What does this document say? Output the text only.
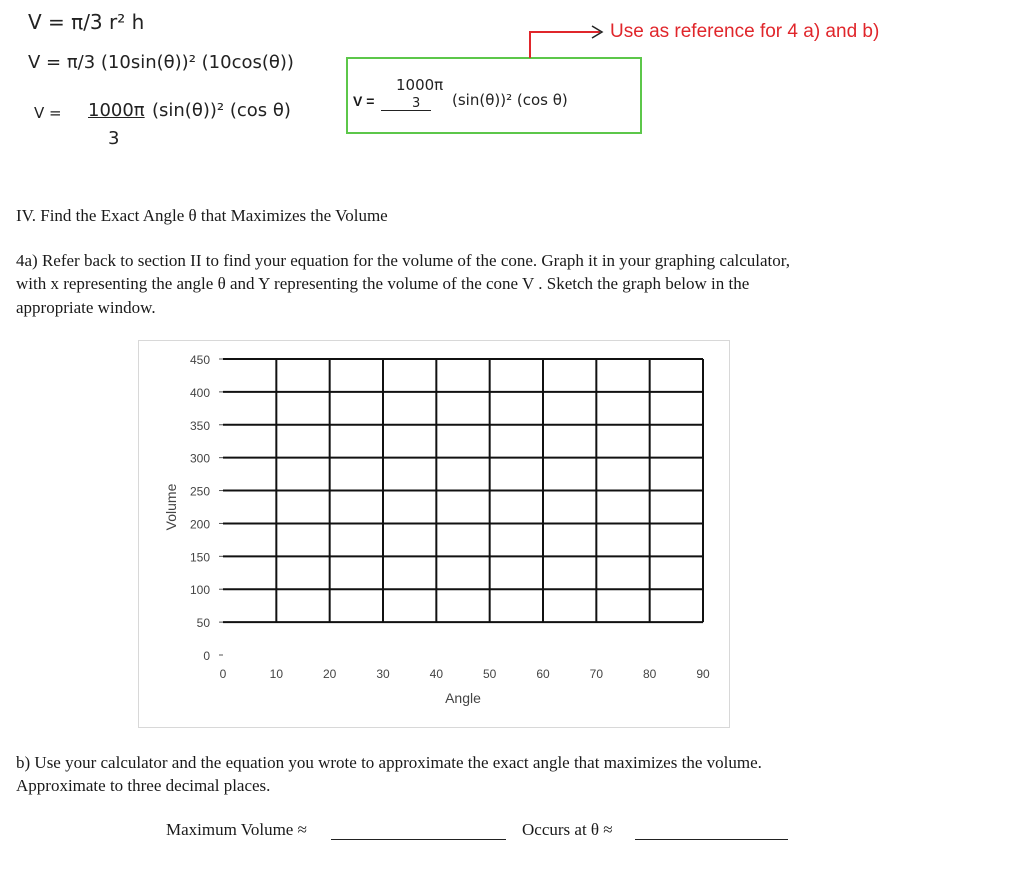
V = π/3 r² h
V = π/3 (10sin(θ))² (10cos(θ))
V = 1000π
3
(sin(θ))² (cos θ)	V =
1000π
3 (sin(θ))² (cos θ)
Use as reference for 4 a) and b)
IV. Find the Exact Angle θ that Maximizes the Volume
4a) Refer back to section II to find your equation for the volume of the cone. Graph it in your graphing calculator,
with x representing the angle θ and Y representing the volume of the cone V . Sketch the graph below in the
appropriate window.
0
50
100
150
200
250
300
350
400
450
0	10	20	30	40	50	60	70	80	90
Angle
Volume
b) Use your calculator and the equation you wrote to approximate the exact angle that maximizes the volume.
Approximate to three decimal places.
Maximum Volume ≈	Occurs at θ ≈
